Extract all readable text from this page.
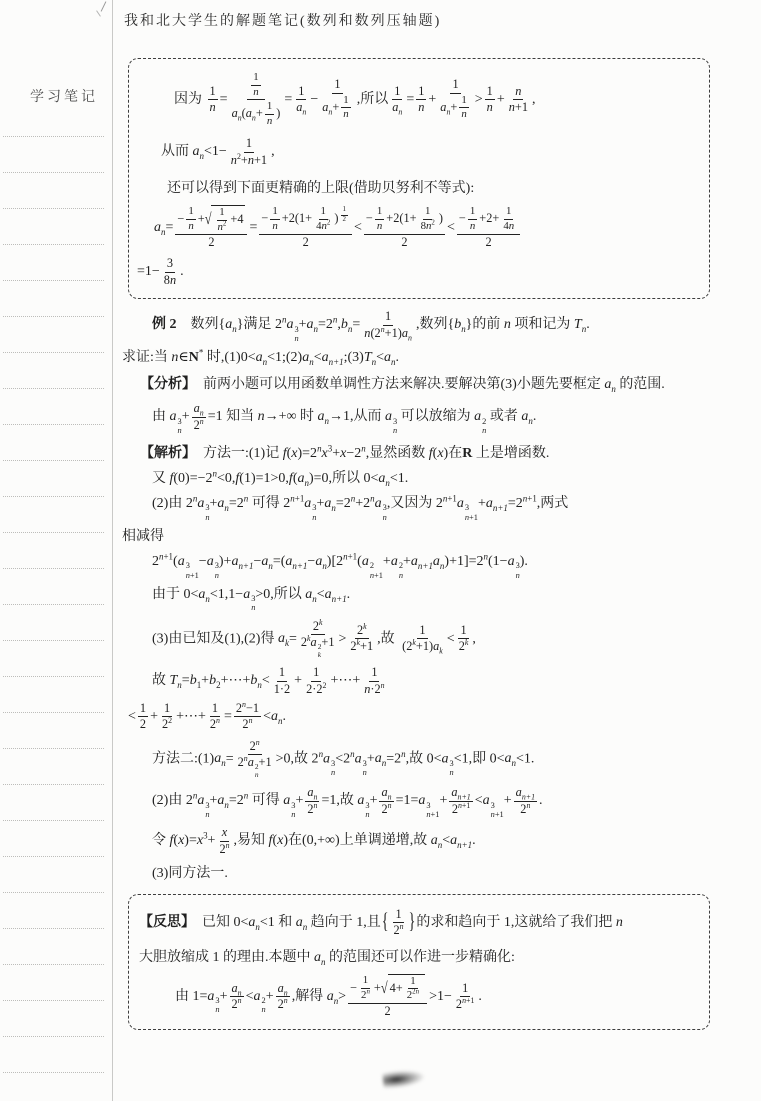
我和北大学生的解题笔记(数列和数列压轴题)
学习笔记	因为 $\frac{1}{n} = \frac{\frac{1}{n}}{a_n(a_n+ \frac{1}{n} )} = \frac{1}{a_n} - \frac{1}{a_n+ \frac{1}{n}}$ ,所以 $\frac{1}{a_n} = \frac{1}{n} + \frac{1}{a_n+ \frac{1}{n}} > \frac{1}{n} + \frac{n}{n+1}$ ,
从而 $a_n<1- \frac{1}{n^2+n+1}$ ,
还可以得到下面更精确的上限(借助贝努利不等式):
$a_n= - \frac{1}{n}$ + √ 1
$n^2 +4$
2 = − $\frac{1}{n} +2(1+ \frac{1}{4n^2}$ ) $^{\frac{1}{2}}$
$2 < \frac{- \frac{1}{n} +2(1+ \frac{1}{8n^2} )}{2} < \frac{- \frac{1}{n} +2+ \frac{1}{4n}}{2}$
$=1- \frac{3}{8n}$ .
例 2　数列$\{a_n\}$满足 2$^n$a 3
n
$+a_n=2^n,b_n= \frac{1}{n(2^n+1)a_n}$ ,数列$\{b_n\}$的前 n 项和记为 $T_n$.
求证:当 n∈N* 时$,(1)0<a_n<1;(2)a_n<a_{n+1};(3)T_n<a_n$.
【分析】　前两小题可以用函数单调性方法来解决.要解决第(3)小题先要框定 $a_n$ 的范围.
由 a 3
n
+ $\frac{a_n}{2^n} =1$ 知当 n→+∞ 时 $a_n\to 1$,从而 a 3
n
可以放缩为 a 2
n
或者 $a_n$.
【解析】　方法一:(1)记 $f(x)=2^nx^3+x-2^n$,显然函数 f(x)在R 上是增函数.
又 $f(0)=-2^n<0,f(1)=1>0,f(a_n)=0$,所以 $0<a_n<1$.
(2)由 2$^n$a 3
n
$+a_n=2^n$ 可得 $2^{n+1}a$ 3
n
$+a_n=2^n+2^na$ 3
n
,又因为 $2^{n+1}a$ 3
n+1
$+a_{n+1}=2^{n+1}$,两式
相减得
$2^{n+1}(a$ 3
n+1
−a 3
n
)$+a_{n+1}-a_n=(a_{n+1}-a_n)[2^{n+1}(a$ 2
n+1
+a 2
n
$+a_{n+1}a_n)+1]=2^n(1-a$ 3
n
).
由于 $0<a_n<1,1-a$ 3
n
>0,所以 $a_n<a_{n+1}$.
(3)由已知及(1),(2)得 $a_k= 2^k$
2$^k$a 2
k
$+1 > \frac{2^k}{2^k+1}$ ,故 $\frac{1}{(2^k+1)a_k} < \frac{1}{2^k}$ ,
故 $T_n=b_1+b_2+\cdots+b_n< \frac{1}{1\cdot 2} + \frac{1}{2\cdot 2^2}$ +⋯+ $\frac{1}{n\cdot 2^n}$
< $\frac{1}{2} + \frac{1}{2^2}$ +⋯+ $\frac{1}{2^n} = \frac{2^n-1}{2^n} <a_n$.
方法二$:(1)a_n= 2^n$
2$^n$a 2
n
+1 >0,故 2$^n$a 3
n
$<2^na$ 3
n
$+a_n=2^n$,故 0<a 3
n
<1,即 $0<a_n<1$.
(2)由 2$^n$a 3
n
$+a_n=2^n$ 可得 a 3
n
+ $\frac{a_n}{2^n} =1$,故 a 3
n
+ $\frac{a_n}{2^n} =1=a$ 3
n+1
+ $\frac{a_{n+1}}{2^{n+1}} <a$ 3
n+1
+ $\frac{a_{n+1}}{2^n}$ .
令 $f(x)=x^3+ \frac{x}{2^n}$ ,易知 f(x)在(0,+∞)上单调递增,故 $a_n<a_{n+1}$.
(3)同方法一.
【反思】　已知 $0<a_n<1$ 和 $a_n$ 趋向于 1,且{ $\frac{1}{2^n}$ }的求和趋向于 1,这就给了我们把 n
大胆放缩成 1 的理由.本题中 $a_n$ 的范围还可以作进一步精确化:
由 1=a 3
n
+ $\frac{a_n}{2^n} <a$ 2
n
+ $\frac{a_n}{2^n}$ ,解得 $a_n> - \frac{1}{2^n}$ + √ 4+
1
$2^{2n}$
$2 >1- \frac{1}{2^{n+1}}$ .
